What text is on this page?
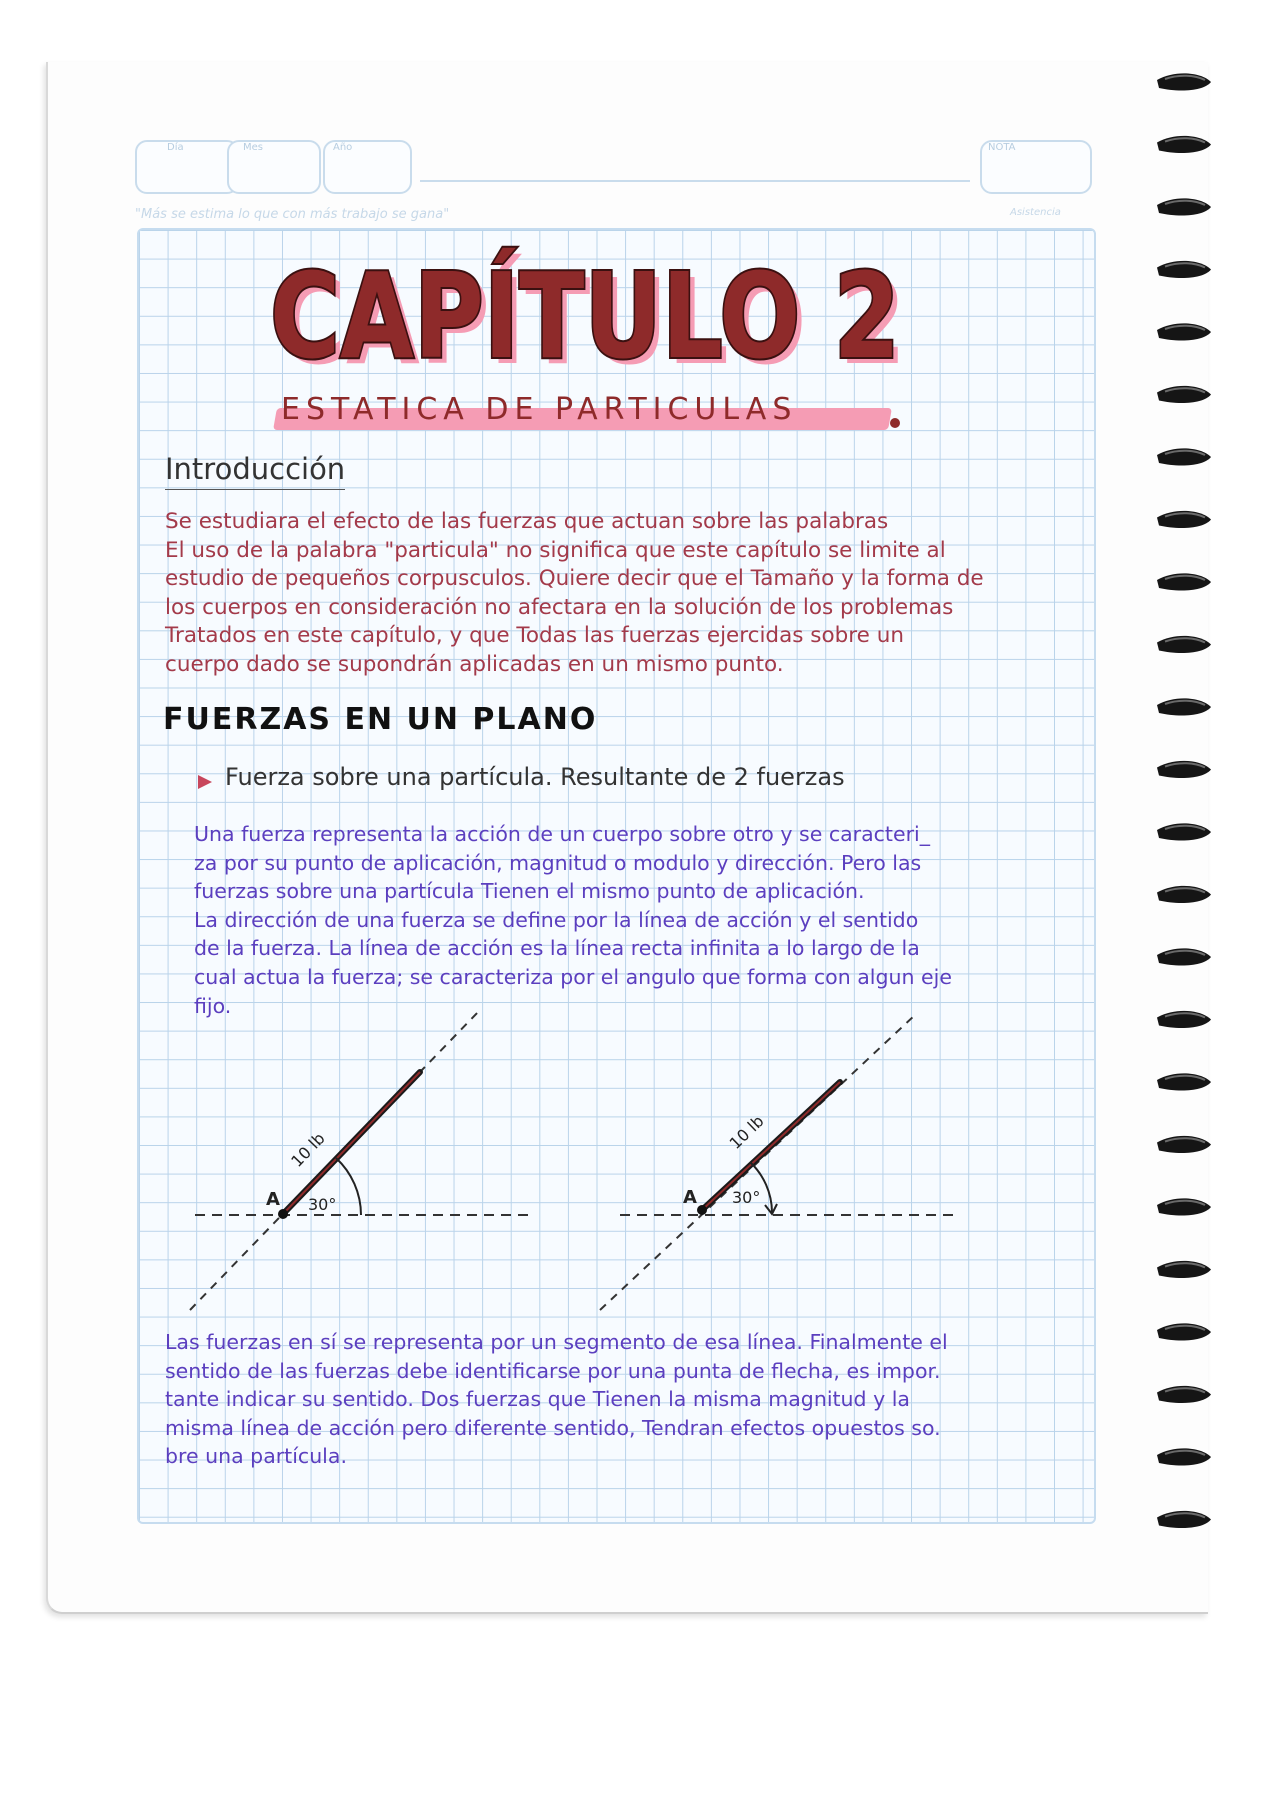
Día	Mes	Año	NOTA
"Más se estima lo que con más trabajo se gana"	Asistencia
CAPÍTULO 2
CAPÍTULO 2
ESTATICA DE PARTICULAS
Introducción
Se estudiara el efecto de las fuerzas que actuan sobre las palabras
El uso de la palabra "particula" no significa que este capítulo se limite al
estudio de pequeños corpusculos. Quiere decir que el Tamaño y la forma de
los cuerpos en consideración no afectara en la solución de los problemas
Tratados en este capítulo, y que Todas las fuerzas ejercidas sobre un
cuerpo dado se supondrán aplicadas en un mismo punto.
FUERZAS EN UN PLANO
Fuerza sobre una partícula. Resultante de 2 fuerzas
Una fuerza representa la acción de un cuerpo sobre otro y se caracteri_
za por su punto de aplicación, magnitud o modulo y dirección. Pero las
fuerzas sobre una partícula Tienen el mismo punto de aplicación.
La dirección de una fuerza se define por la línea de acción y el sentido
de la fuerza. La línea de acción es la línea recta infinita a lo largo de la
cual actua la fuerza; se caracteriza por el angulo que forma con algun eje
fijo.
A 30°
10 lb
A 30°
10 lb
Las fuerzas en sí se representa por un segmento de esa línea. Finalmente el
sentido de las fuerzas debe identificarse por una punta de flecha, es impor.
tante indicar su sentido. Dos fuerzas que Tienen la misma magnitud y la
misma línea de acción pero diferente sentido, Tendran efectos opuestos so.
bre una partícula.
